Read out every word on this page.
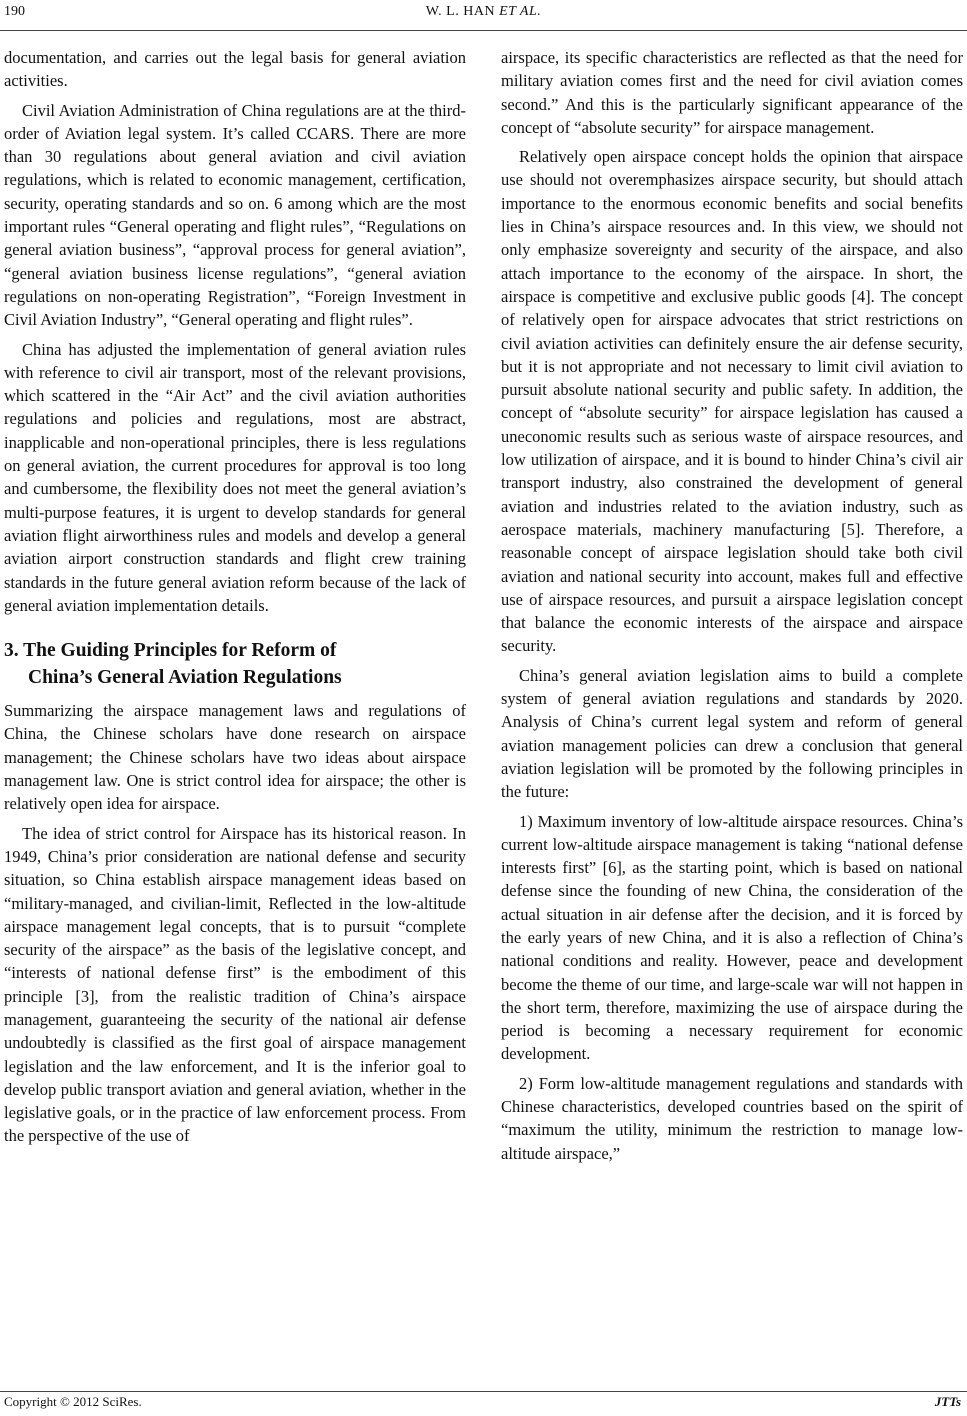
190	W. L. HAN ET AL.

documentation, and carries out the legal basis for general aviation activities.

Civil Aviation Administration of China regulations are at the third-order of Aviation legal system. It’s called CCARS. There are more than 30 regulations about general aviation and civil aviation regulations, which is related to economic management, certification, security, operating standards and so on. 6 among which are the most important rules “General operating and flight rules”, “Regulations on general aviation business”, “approval process for general aviation”, “general aviation business license regulations”, “general aviation regulations on non-operating Registration”, “Foreign Investment in Civil Aviation Industry”, “General operating and flight rules”.

China has adjusted the implementation of general aviation rules with reference to civil air transport, most of the relevant provisions, which scattered in the “Air Act” and the civil aviation authorities regulations and policies and regulations, most are abstract, inapplicable and non-operational principles, there is less regulations on general aviation, the current procedures for approval is too long and cumbersome, the flexibility does not meet the general aviation’s multi-purpose features, it is urgent to develop standards for general aviation flight airworthiness rules and models and develop a general aviation airport construction standards and flight crew training standards in the future general aviation reform because of the lack of general aviation implementation details.

3. The Guiding Principles for Reform of
China’s General Aviation Regulations

Summarizing the airspace management laws and regulations of China, the Chinese scholars have done research on airspace management; the Chinese scholars have two ideas about airspace management law. One is strict control idea for airspace; the other is relatively open idea for airspace.

The idea of strict control for Airspace has its historical reason. In 1949, China’s prior consideration are national defense and security situation, so China establish airspace management ideas based on “military-managed, and civilian-limit, Reflected in the low-altitude airspace management legal concepts, that is to pursuit “complete security of the airspace” as the basis of the legislative concept, and “interests of national defense first” is the embodiment of this principle [3], from the realistic tradition of China’s airspace management, guaranteeing the security of the national air defense undoubtedly is classified as the first goal of airspace management legislation and the law enforcement, and It is the inferior goal to develop public transport aviation and general aviation, whether in the legislative goals, or in the practice of law enforcement process. From the perspective of the use of

airspace, its specific characteristics are reflected as that the need for military aviation comes first and the need for civil aviation comes second.” And this is the particularly significant appearance of the concept of “absolute security” for airspace management.

Relatively open airspace concept holds the opinion that airspace use should not overemphasizes airspace security, but should attach importance to the enormous economic benefits and social benefits lies in China’s airspace resources and. In this view, we should not only emphasize sovereignty and security of the airspace, and also attach importance to the economy of the airspace. In short, the airspace is competitive and exclusive public goods [4]. The concept of relatively open for airspace advocates that strict restrictions on civil aviation activities can definitely ensure the air defense security, but it is not appropriate and not necessary to limit civil aviation to pursuit absolute national security and public safety. In addition, the concept of “absolute security” for airspace legislation has caused a uneconomic results such as serious waste of airspace resources, and low utilization of airspace, and it is bound to hinder China’s civil air transport industry, also constrained the development of general aviation and industries related to the aviation industry, such as aerospace materials, machinery manufacturing [5]. Therefore, a reasonable concept of airspace legislation should take both civil aviation and national security into account, makes full and effective use of airspace resources, and pursuit a airspace legislation concept that balance the economic interests of the airspace and airspace security.

China’s general aviation legislation aims to build a complete system of general aviation regulations and standards by 2020. Analysis of China’s current legal system and reform of general aviation management policies can drew a conclusion that general aviation legislation will be promoted by the following principles in the future:

1) Maximum inventory of low-altitude airspace resources. China’s current low-altitude airspace management is taking “national defense interests first” [6], as the starting point, which is based on national defense since the founding of new China, the consideration of the actual situation in air defense after the decision, and it is forced by the early years of new China, and it is also a reflection of China’s national conditions and reality. However, peace and development become the theme of our time, and large-scale war will not happen in the short term, therefore, maximizing the use of airspace during the period is becoming a necessary requirement for economic development.

2) Form low-altitude management regulations and standards with Chinese characteristics, developed countries based on the spirit of “maximum the utility, minimum the restriction to manage low-altitude airspace,”

Copyright © 2012 SciRes.	JTTs
